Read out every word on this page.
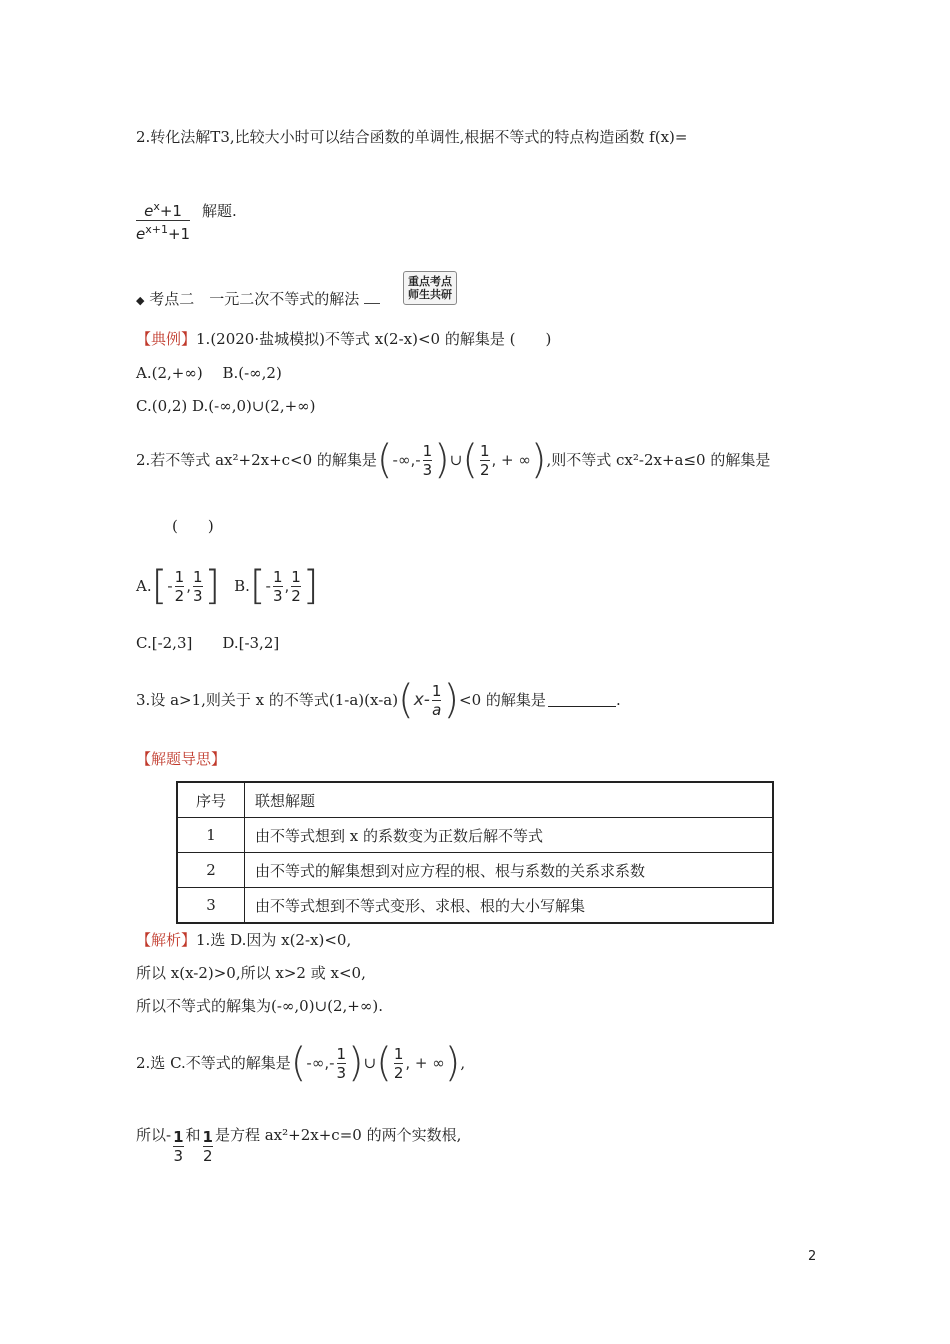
2.转化法解T3,比较大小时可以结合函数的单调性,根据不等式的特点构造函数 f(x)=
$\frac{e^x+1}{e^{x+1}+1}$ 解题.
◆ 考点二　一元二次不等式的解法
重点考点
师生共研
【典例】1.(2020·盐城模拟)不等式 x(2-x)<0 的解集是 (　　)
A.(2,+∞)　 B.(-∞,2)
C.(0,2) D.(-∞,0)∪(2,+∞)
2.若不等式 ax²+2x+c<0 的解集是 ( -∞,- $\frac{1}{3}$ ) ∪ ( $\frac{1}{2}$ , + ∞ ) ,则不等式 cx²-2x+a≤0 的解集是
(　　)
A. [ - $\frac{1}{2}$ , $\frac{1}{3}$ ] B. [ - $\frac{1}{3}$ , $\frac{1}{2}$ ]
C.[-2,3]　　D.[-3,2]
3.设 a>1,则关于 x 的不等式(1-a)(x-a) ( $x- \frac{1}{a}$ ) <0 的解集是	.
【解题导思】
序号	联想解题
1	由不等式想到 x 的系数变为正数后解不等式
2	由不等式的解集想到对应方程的根、根与系数的关系求系数
3	由不等式想到不等式变形、求根、根的大小写解集
【解析】1.选 D.因为 x(2-x)<0,
所以 x(x-2)>0,所以 x>2 或 x<0,
所以不等式的解集为(-∞,0)∪(2,+∞).
2.选 C.不等式的解集是 ( -∞,- $\frac{1}{3}$ ) ∪ ( $\frac{1}{2}$ , + ∞ ) ,
所以- $\frac{1}{3}$ 和 $\frac{1}{2}$ 是方程 ax²+2x+c=0 的两个实数根,
2
